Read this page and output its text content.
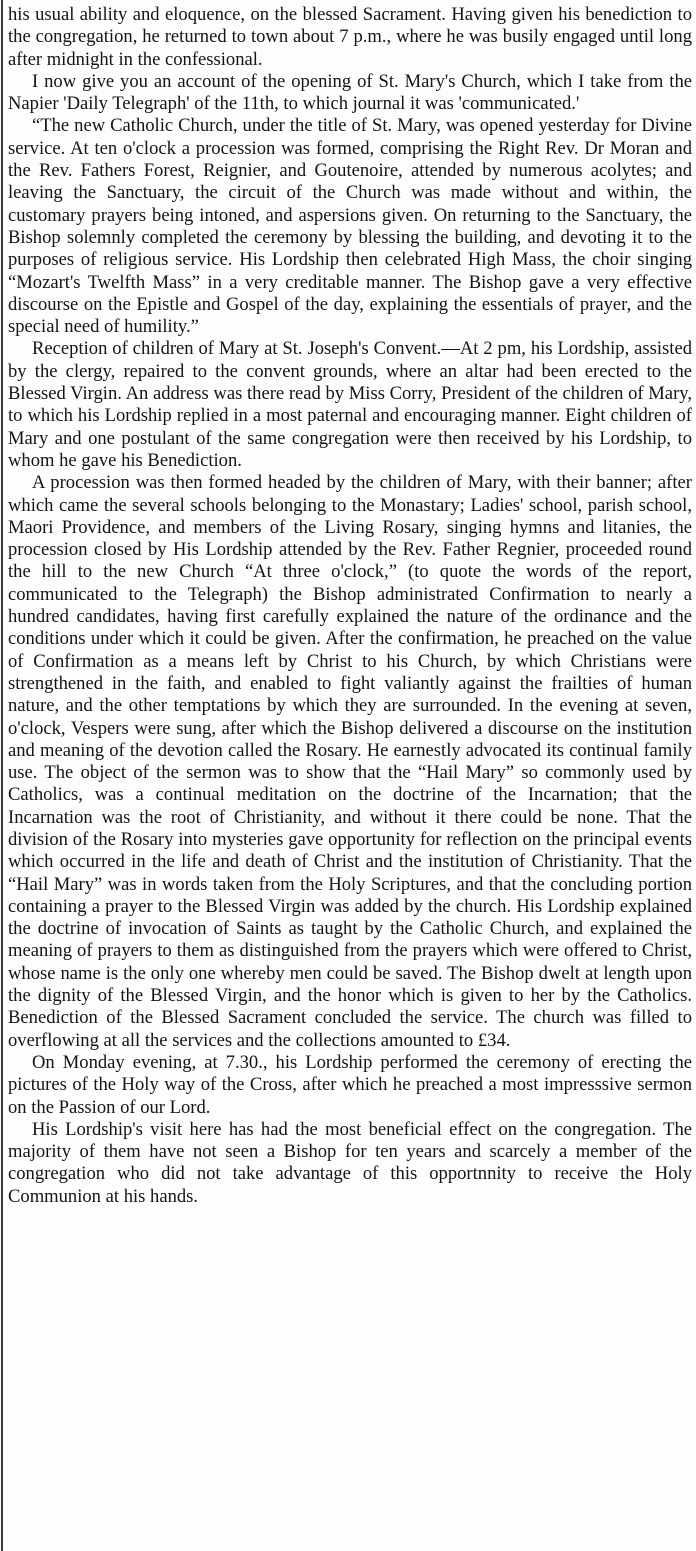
his usual ability and eloquence, on the blessed Sacrament. Having given his benediction to the congregation, he returned to town about 7 p.m., where he was busily engaged until long after midnight in the confessional.

I now give you an account of the opening of St. Mary's Church, which I take from the Napier 'Daily Telegraph' of the 11th, to which journal it was 'communicated.'

“The new Catholic Church, under the title of St. Mary, was opened yesterday for Divine service. At ten o'clock a procession was formed, comprising the Right Rev. Dr Moran and the Rev. Fathers Forest, Reignier, and Goutenoire, attended by numerous acolytes; and leaving the Sanctuary, the circuit of the Church was made without and within, the customary prayers being intoned, and aspersions given. On returning to the Sanctuary, the Bishop solemnly completed the ceremony by blessing the building, and devoting it to the purposes of religious service. His Lordship then celebrated High Mass, the choir singing “Mozart's Twelfth Mass” in a very creditable manner. The Bishop gave a very effective discourse on the Epistle and Gospel of the day, explaining the essentials of prayer, and the special need of humility.”

Reception of children of Mary at St. Joseph's Convent.—At 2 pm, his Lordship, assisted by the clergy, repaired to the convent grounds, where an altar had been erected to the Blessed Virgin. An address was there read by Miss Corry, President of the children of Mary, to which his Lordship replied in a most paternal and encouraging manner. Eight children of Mary and one postulant of the same congregation were then received by his Lordship, to whom he gave his Benediction.

A procession was then formed headed by the children of Mary, with their banner; after which came the several schools belonging to the Monastary; Ladies' school, parish school, Maori Providence, and members of the Living Rosary, singing hymns and litanies, the procession closed by His Lordship attended by the Rev. Father Regnier, proceeded round the hill to the new Church “At three o'clock,” (to quote the words of the report, communicated to the Telegraph) the Bishop administrated Confirmation to nearly a hundred candidates, having first carefully explained the nature of the ordinance and the conditions under which it could be given. After the confirmation, he preached on the value of Confirmation as a means left by Christ to his Church, by which Christians were strengthened in the faith, and enabled to fight valiantly against the frailties of human nature, and the other temptations by which they are surrounded. In the evening at seven, o'clock, Vespers were sung, after which the Bishop delivered a discourse on the institution and meaning of the devotion called the Rosary. He earnestly advocated its continual family use. The object of the sermon was to show that the “Hail Mary” so commonly used by Catholics, was a continual meditation on the doctrine of the Incarnation; that the Incarnation was the root of Christianity, and without it there could be none. That the division of the Rosary into mysteries gave opportunity for reflection on the principal events which occurred in the life and death of Christ and the institution of Christianity. That the “Hail Mary” was in words taken from the Holy Scriptures, and that the concluding portion containing a prayer to the Blessed Virgin was added by the church. His Lordship explained the doctrine of invocation of Saints as taught by the Catholic Church, and explained the meaning of prayers to them as distinguished from the prayers which were offered to Christ, whose name is the only one whereby men could be saved. The Bishop dwelt at length upon the dignity of the Blessed Virgin, and the honor which is given to her by the Catholics. Benediction of the Blessed Sacrament concluded the service. The church was filled to overflowing at all the services and the collections amounted to £34.

On Monday evening, at 7.30., his Lordship performed the ceremony of erecting the pictures of the Holy way of the Cross, after which he preached a most impresssive sermon on the Passion of our Lord.

His Lordship's visit here has had the most beneficial effect on the congregation. The majority of them have not seen a Bishop for ten years and scarcely a member of the congregation who did not take advantage of this opportnnity to receive the Holy Communion at his hands.
